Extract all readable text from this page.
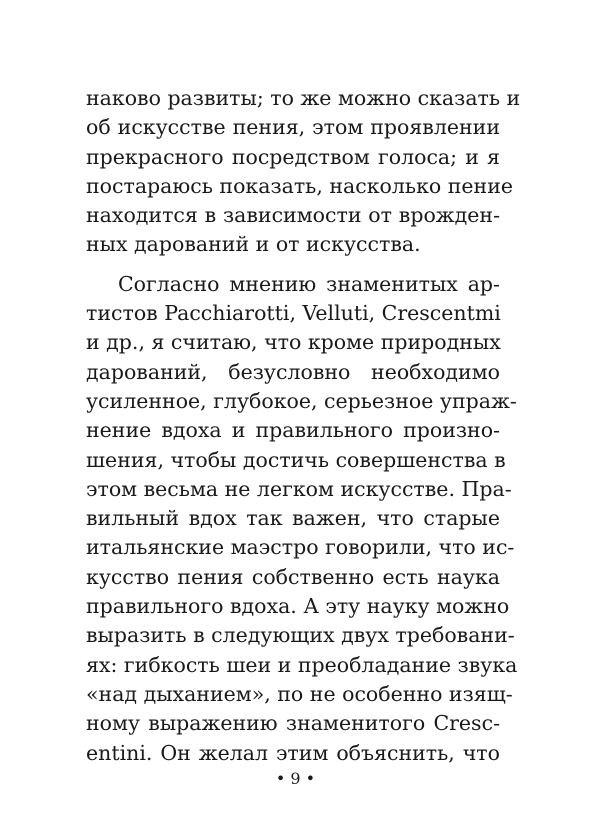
наково развиты; то же можно сказать и
об искусстве пения, этом проявлении
прекрасного посредством голоса; и я
постараюсь показать, насколько пение
находится в зависимости от врожден-
ных дарований и от искусства.
Согласно мнению знаменитых ар-
тистов Pacchiarotti, Velluti, Crescentmi
и др., я считаю, что кроме природных
дарований, безусловно необходимо
усиленное, глубокое, серьезное упраж-
нение вдоха и правильного произно-
шения, чтобы достичь совершенства в
этом весьма не легком искусстве. Пра-
вильный вдох так важен, что старые
итальянские маэстро говорили, что ис-
кусство пения собственно есть наука
правильного вдоха. А эту науку можно
выразить в следующих двух требовани-
ях: гибкость шеи и преобладание звука
«над дыханием», по не особенно изящ-
ному выражению знаменитого Cresc-
entini. Он желал этим объяснить, что
• 9 •
